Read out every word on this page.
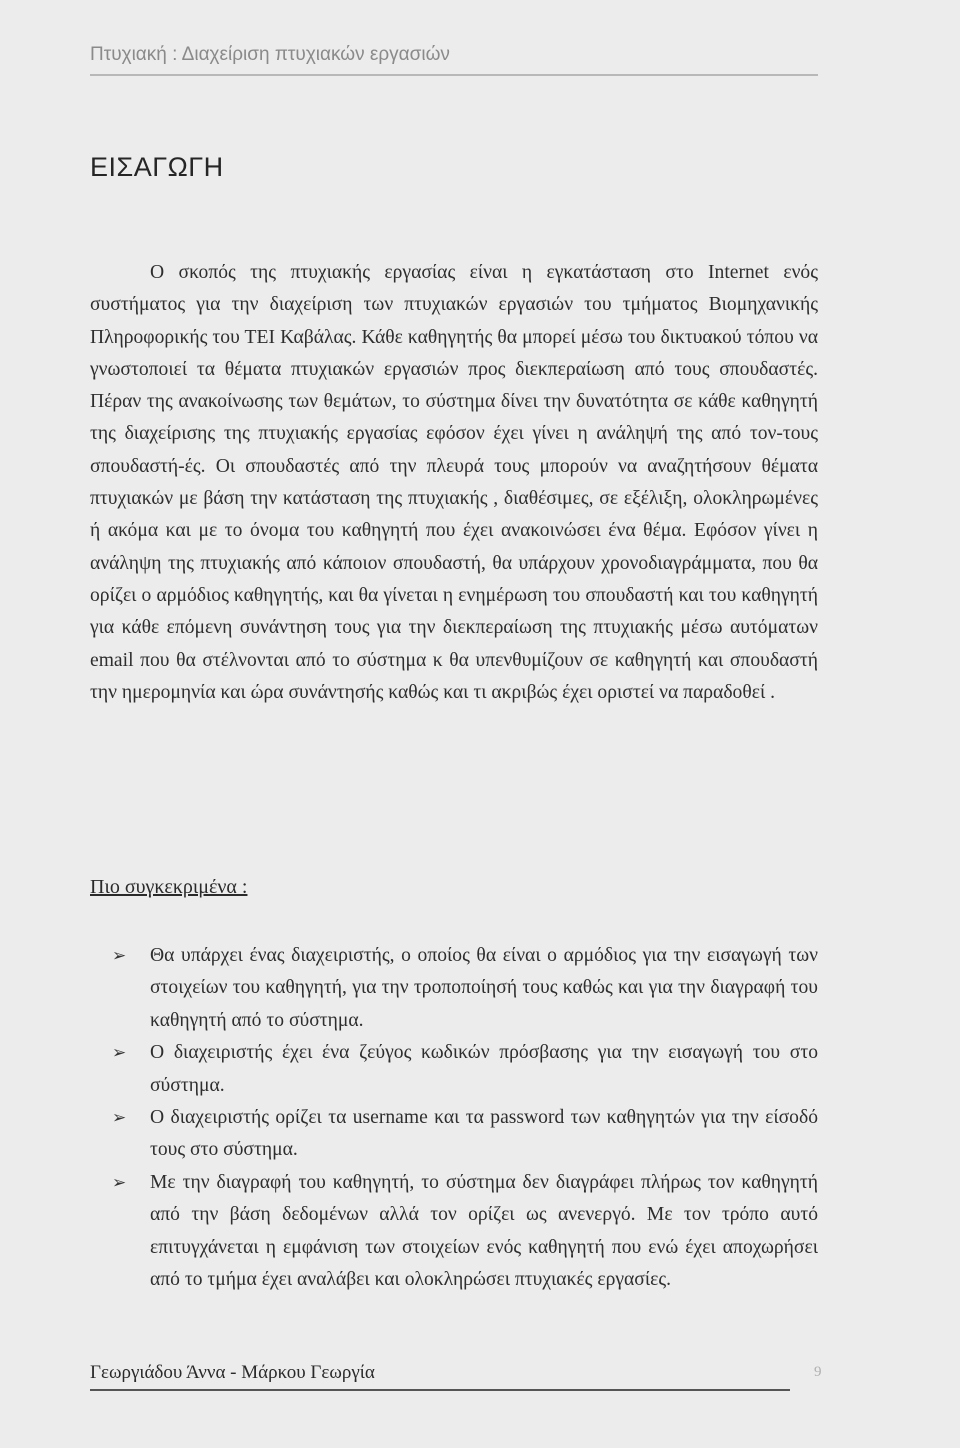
Πτυχιακή : Διαχείριση πτυχιακών εργασιών
ΕΙΣΑΓΩΓΗ

Ο σκοπός της πτυχιακής εργασίας είναι η εγκατάσταση στο Internet ενός συστήματος για την διαχείριση των πτυχιακών εργασιών του τμήματος Βιομηχανικής Πληροφορικής του ΤΕΙ Καβάλας. Κάθε καθηγητής θα μπορεί μέσω του δικτυακού τόπου να γνωστοποιεί τα θέματα πτυχιακών εργασιών προς διεκπεραίωση από τους σπουδαστές. Πέραν της ανακοίνωσης των θεμάτων, το σύστημα δίνει την δυνατότητα σε κάθε καθηγητή της διαχείρισης της πτυχιακής εργασίας εφόσον έχει γίνει η ανάληψή της από τον-τους σπουδαστή-ές. Οι σπουδαστές από την πλευρά τους μπορούν να αναζητήσουν θέματα πτυχιακών με βάση την κατάσταση της πτυχιακής , διαθέσιμες, σε εξέλιξη, ολοκληρωμένες ή ακόμα και με το όνομα του καθηγητή που έχει ανακοινώσει ένα θέμα. Εφόσον γίνει η ανάληψη της πτυχιακής από κάποιον σπουδαστή, θα υπάρχουν χρονοδιαγράμματα, που θα ορίζει ο αρμόδιος καθηγητής, και θα γίνεται η ενημέρωση του σπουδαστή και του καθηγητή για κάθε επόμενη συνάντηση τους για την διεκπεραίωση της πτυχιακής μέσω αυτόματων email που θα στέλνονται από το σύστημα κ θα υπενθυμίζουν σε καθηγητή και σπουδαστή την ημερομηνία και ώρα συνάντησής καθώς και τι ακριβώς έχει οριστεί να παραδοθεί .

Πιο συγκεκριμένα :
➢ Θα υπάρχει ένας διαχειριστής, ο οποίος θα είναι ο αρμόδιος για την εισαγωγή των στοιχείων του καθηγητή, για την τροποποίησή τους καθώς και για την διαγραφή του καθηγητή από το σύστημα.
➢ Ο διαχειριστής έχει ένα ζεύγος κωδικών πρόσβασης για την εισαγωγή του στο σύστημα.
➢ Ο διαχειριστής ορίζει τα username και τα password των καθηγητών για την είσοδό τους στο σύστημα.
➢ Με την διαγραφή του καθηγητή, το σύστημα δεν διαγράφει πλήρως τον καθηγητή από την βάση δεδομένων αλλά τον ορίζει ως ανενεργό. Με τον τρόπο αυτό επιτυγχάνεται η εμφάνιση των στοιχείων ενός καθηγητή που ενώ έχει αποχωρήσει από το τμήμα έχει αναλάβει και ολοκληρώσει πτυχιακές εργασίες.
Γεωργιάδου Άννα - Μάρκου Γεωργία	9
